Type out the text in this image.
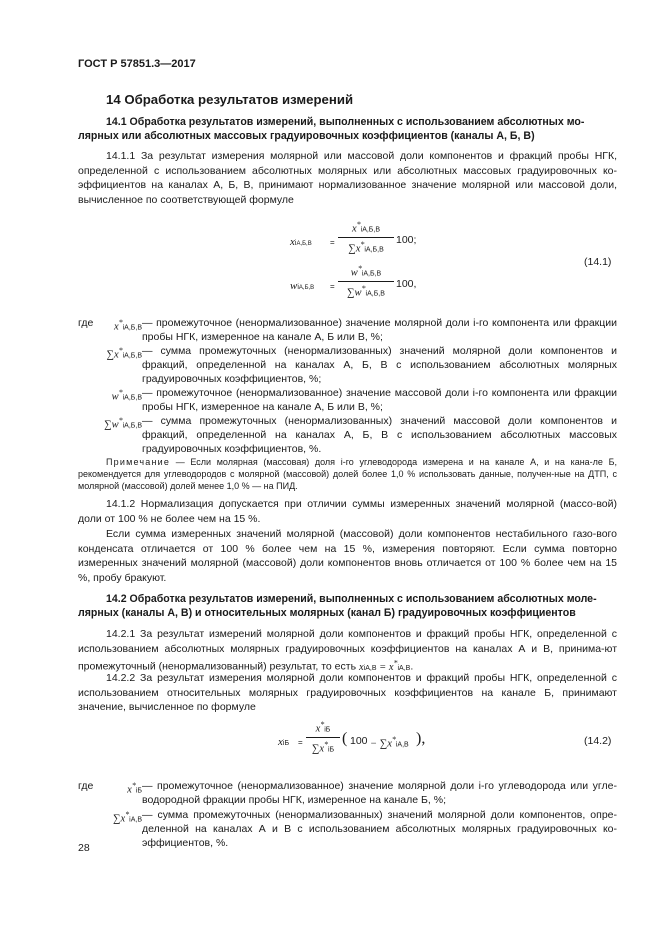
ГОСТ Р 57851.3—2017
14 Обработка результатов измерений
14.1 Обработка результатов измерений, выполненных с использованием абсолютных мо-лярных или абсолютных массовых градуировочных коэффициентов (каналы А, Б, В)
14.1.1 За результат измерения молярной или массовой доли компонентов и фракций пробы НГК, определенной с использованием абсолютных молярных или абсолютных массовых градуировочных ко-эффициентов на каналах А, Б, В, принимают нормализованное значение молярной или массовой доли, вычисленное по соответствующей формуле
xiА,Б,В =
x*iА,Б,В
∑x*iА,Б,В
100;
wiА,Б,В =
w*iА,Б,В
∑w*iА,Б,В
100,
(14.1)
где	x*iА,Б,В — промежуточное (ненормализованное) значение молярной доли i-го компонента или фракции пробы НГК, измеренное на канале А, Б или В, %;
∑x*iА,Б,В — сумма промежуточных (ненормализованных) значений молярной доли компонентов и фракций, определенной на каналах А, Б, В с использованием абсолютных молярных градуировочных коэффициентов, %;
w*iА,Б,В — промежуточное (ненормализованное) значение массовой доли i-го компонента или фракции пробы НГК, измеренное на канале А, Б или В, %;
∑w*iА,Б,В — сумма промежуточных (ненормализованных) значений массовой доли компонентов и фракций, определенной на каналах А, Б, В с использованием абсолютных массовых градуировочных коэффициентов, %.
Примечание — Если молярная (массовая) доля i-го углеводорода измерена и на канале А, и на кана-ле Б, рекомендуется для углеводородов с молярной (массовой) долей более 1,0 % использовать данные, получен-ные на ДТП, с молярной (массовой) долей менее 1,0 % — на ПИД.
14.1.2 Нормализация допускается при отличии суммы измеренных значений молярной (массо-вой) доли от 100 % не более чем на 15 %.
Если сумма измеренных значений молярной (массовой) доли компонентов нестабильного газо-вого конденсата отличается от 100 % более чем на 15 %, измерения повторяют. Если сумма повторно измеренных значений молярной (массовой) доли компонентов вновь отличается от 100 % более чем на 15 %, пробу бракуют.
14.2 Обработка результатов измерений, выполненных с использованием абсолютных моле-лярных (каналы А, В) и относительных молярных (канал Б) градуировочных коэффициентов
14.2.1 За результат измерений молярной доли компонентов и фракций пробы НГК, определенной с использованием абсолютных молярных градуировочных коэффициентов на каналах А и В, принима-ют промежуточный (ненормализованный) результат, то есть xiА,В = x*iА,В.
14.2.2 За результат измерения молярной доли компонентов и фракций пробы НГК, определенной с использованием относительных молярных градуировочных коэффициентов на канале Б, принимают значение, вычисленное по формуле
xiБ =
x*iБ
∑x*iБ
( 100 − ∑x*iА,В ),	(14.2)
где	x*iБ — промежуточное (ненормализованное) значение молярной доли i-го углеводорода или угле-водородной фракции пробы НГК, измеренное на канале Б, %;
∑x*iА,В — сумма промежуточных (ненормализованных) значений молярной доли компонентов, опре-деленной на каналах А и В с использованием абсолютных молярных градуировочных ко-эффициентов, %.
28
